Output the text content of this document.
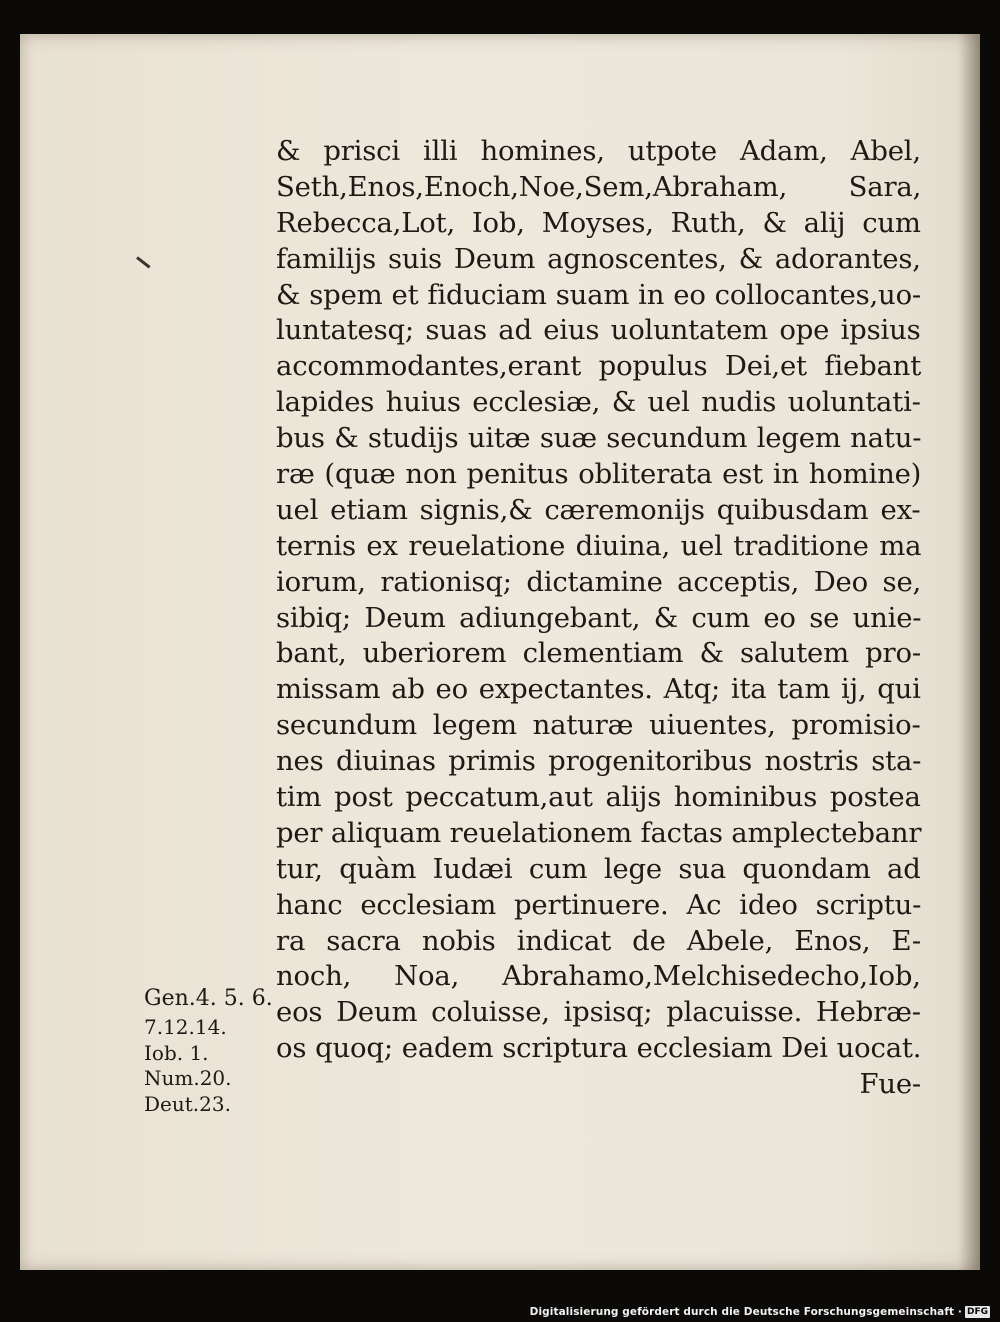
& prisci illi homines, utpote Adam, Abel,
Seth,Enos,Enoch,Noe,Sem,Abraham, Sara,
Rebecca,Lot, Iob, Moyses, Ruth, & alij cum
familijs suis Deum agnoscentes, & adorantes,
& spem et fiduciam suam in eo collocantes,uo-
luntatesq; suas ad eius uoluntatem ope ipsius
accommodantes,erant populus Dei,et fiebant
lapides huius ecclesiæ, & uel nudis uoluntati-
bus & studijs uitæ suæ secundum legem natu-
ræ (quæ non penitus obliterata est in homine)
uel etiam signis,& cæremonijs quibusdam ex-
ternis ex reuelatione diuina, uel traditione ma
iorum, rationisq; dictamine acceptis, Deo se,
sibiq; Deum adiungebant, & cum eo se unie-
bant, uberiorem clementiam & salutem pro-
missam ab eo expectantes. Atq; ita tam ij, qui
secundum legem naturæ uiuentes, promisio-
nes diuinas primis progenitoribus nostris sta-
tim post peccatum,aut alijs hominibus postea
per aliquam reuelationem factas amplectebanr
tur, quàm Iudæi cum lege sua quondam ad
hanc ecclesiam pertinuere. Ac ideo scriptu-
ra sacra nobis indicat de Abele, Enos, E-
noch, Noa, Abrahamo,Melchisedecho,Iob,
eos Deum coluisse, ipsisq; placuisse. Hebræ-
os quoq; eadem scriptura ecclesiam Dei uocat.
Fue-
Gen.4. 5. 6.
7.12.14.
Iob. 1.
Num.20.
Deut.23.
Digitalisierung gefördert durch die Deutsche Forschungsgemeinschaft · DFG
